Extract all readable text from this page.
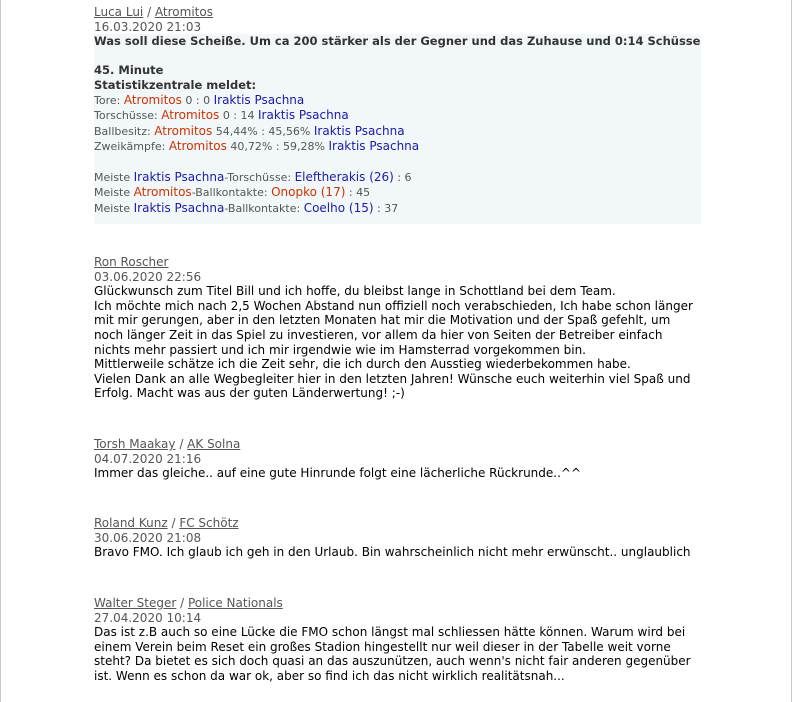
Luca Lui / Atromitos
16.03.2020 21:03
Was soll diese Scheiße. Um ca 200 stärker als der Gegner und das Zuhause und 0:14 Schüsse
45. Minute
Statistikzentrale meldet:
Tore: Atromitos 0 : 0 Iraktis Psachna
Torschüsse: Atromitos 0 : 14 Iraktis Psachna
Ballbesitz: Atromitos 54,44% : 45,56% Iraktis Psachna
Zweikämpfe: Atromitos 40,72% : 59,28% Iraktis Psachna
Meiste Iraktis Psachna-Torschüsse: Eleftherakis (26) : 6
Meiste Atromitos-Ballkontakte: Onopko (17) : 45
Meiste Iraktis Psachna-Ballkontakte: Coelho (15) : 37
Ron Roscher
03.06.2020 22:56
Glückwunsch zum Titel Bill und ich hoffe, du bleibst lange in Schottland bei dem Team.
Ich möchte mich nach 2,5 Wochen Abstand nun offiziell noch verabschieden, Ich habe schon länger
mit mir gerungen, aber in den letzten Monaten hat mir die Motivation und der Spaß gefehlt, um
noch länger Zeit in das Spiel zu investieren, vor allem da hier von Seiten der Betreiber einfach
nichts mehr passiert und ich mir irgendwie wie im Hamsterrad vorgekommen bin.
Mittlerweile schätze ich die Zeit sehr, die ich durch den Ausstieg wiederbekommen habe.
Vielen Dank an alle Wegbegleiter hier in den letzten Jahren! Wünsche euch weiterhin viel Spaß und
Erfolg. Macht was aus der guten Länderwertung! ;-)
Torsh Maakay / AK Solna
04.07.2020 21:16
Immer das gleiche.. auf eine gute Hinrunde folgt eine lächerliche Rückrunde..^^
Roland Kunz / FC Schötz
30.06.2020 21:08
Bravo FMO. Ich glaub ich geh in den Urlaub. Bin wahrscheinlich nicht mehr erwünscht.. unglaublich
Walter Steger / Police Nationals
27.04.2020 10:14
Das ist z.B auch so eine Lücke die FMO schon längst mal schliessen hätte können. Warum wird bei
einem Verein beim Reset ein großes Stadion hingestellt nur weil dieser in der Tabelle weit vorne
steht? Da bietet es sich doch quasi an das auszunützen, auch wenn's nicht fair anderen gegenüber
ist. Wenn es schon da war ok, aber so find ich das nicht wirklich realitätsnah...
